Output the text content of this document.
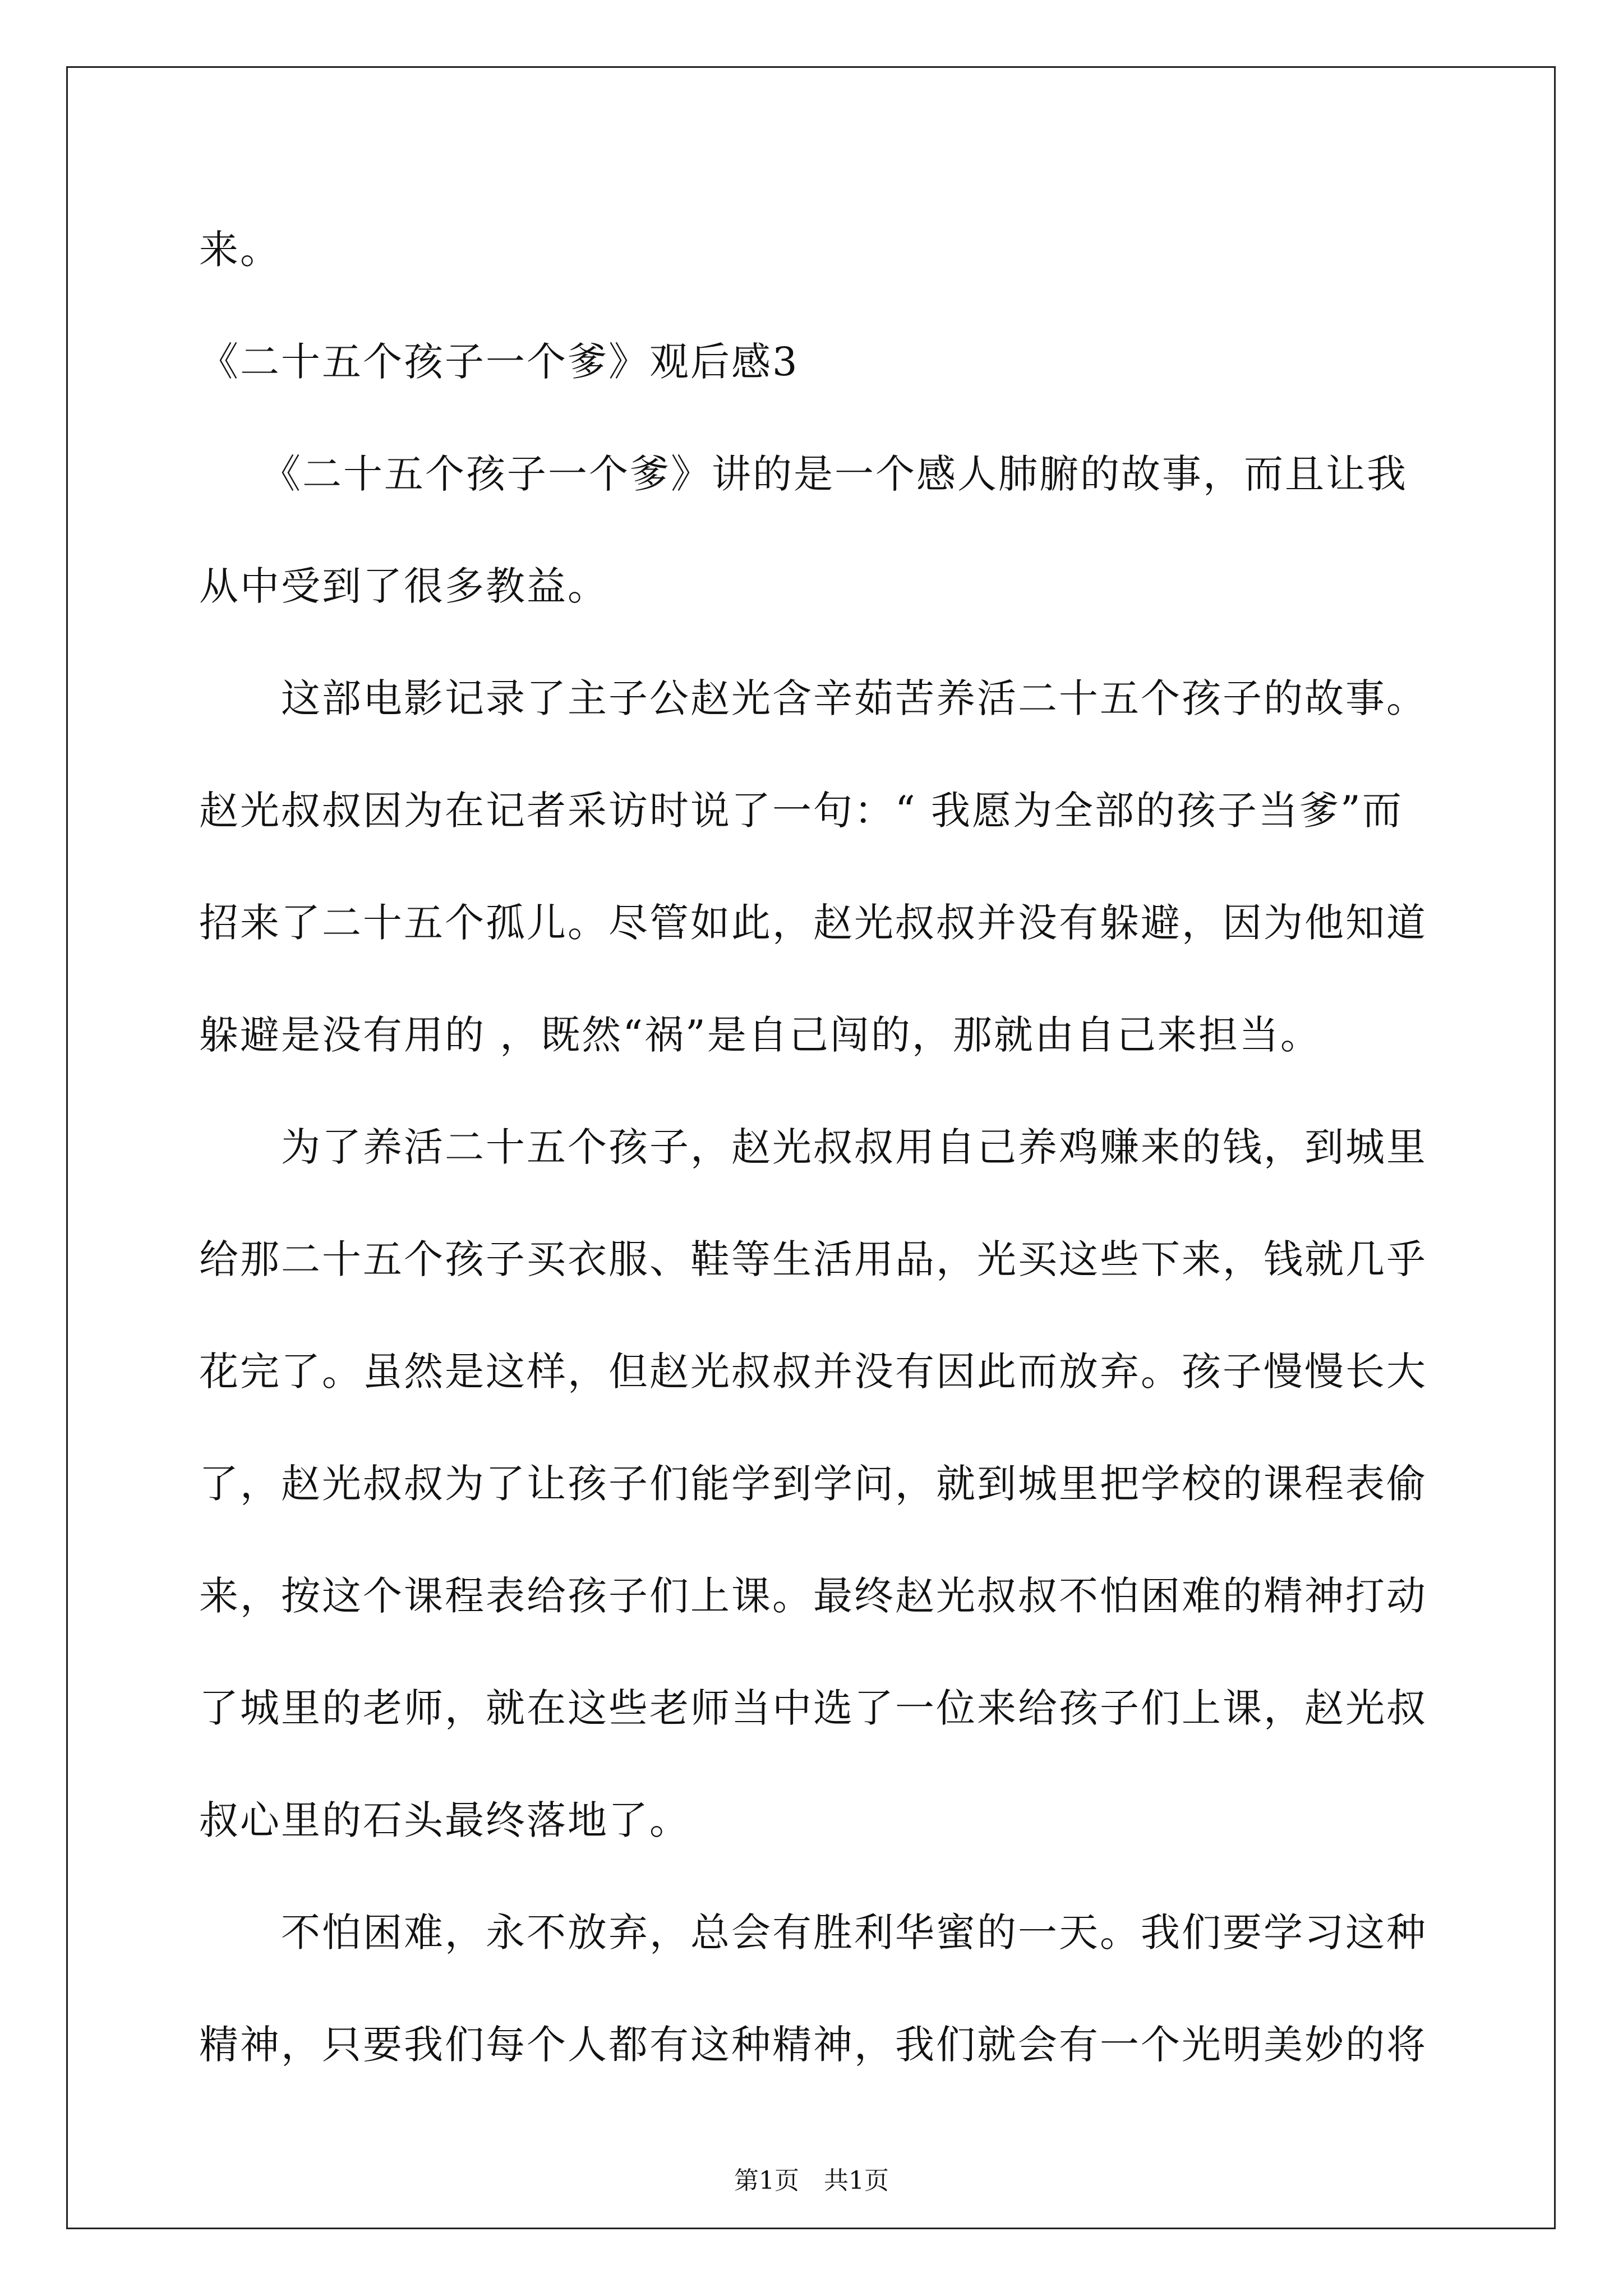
来。
《二十五个孩子一个爹》观后感3
　　《二十五个孩子一个爹》讲的是一个感人肺腑的故事，而且让我
从中受到了很多教益。
　　这部电影记录了主子公赵光含辛茹苦养活二十五个孩子的故事。
赵光叔叔因为在记者采访时说了一句：“ 我愿为全部的孩子当爹”而
招来了二十五个孤儿。尽管如此，赵光叔叔并没有躲避，因为他知道
躲避是没有用的 ，既然“祸”是自己闯的，那就由自己来担当。
　　为了养活二十五个孩子，赵光叔叔用自己养鸡赚来的钱，到城里
给那二十五个孩子买衣服、鞋等生活用品，光买这些下来，钱就几乎
花完了。虽然是这样，但赵光叔叔并没有因此而放弃。孩子慢慢长大
了，赵光叔叔为了让孩子们能学到学问，就到城里把学校的课程表偷
来，按这个课程表给孩子们上课。最终赵光叔叔不怕困难的精神打动
了城里的老师，就在这些老师当中选了一位来给孩子们上课，赵光叔
叔心里的石头最终落地了。
　　不怕困难，永不放弃，总会有胜利华蜜的一天。我们要学习这种
精神，只要我们每个人都有这种精神，我们就会有一个光明美妙的将
第1页　共1页
